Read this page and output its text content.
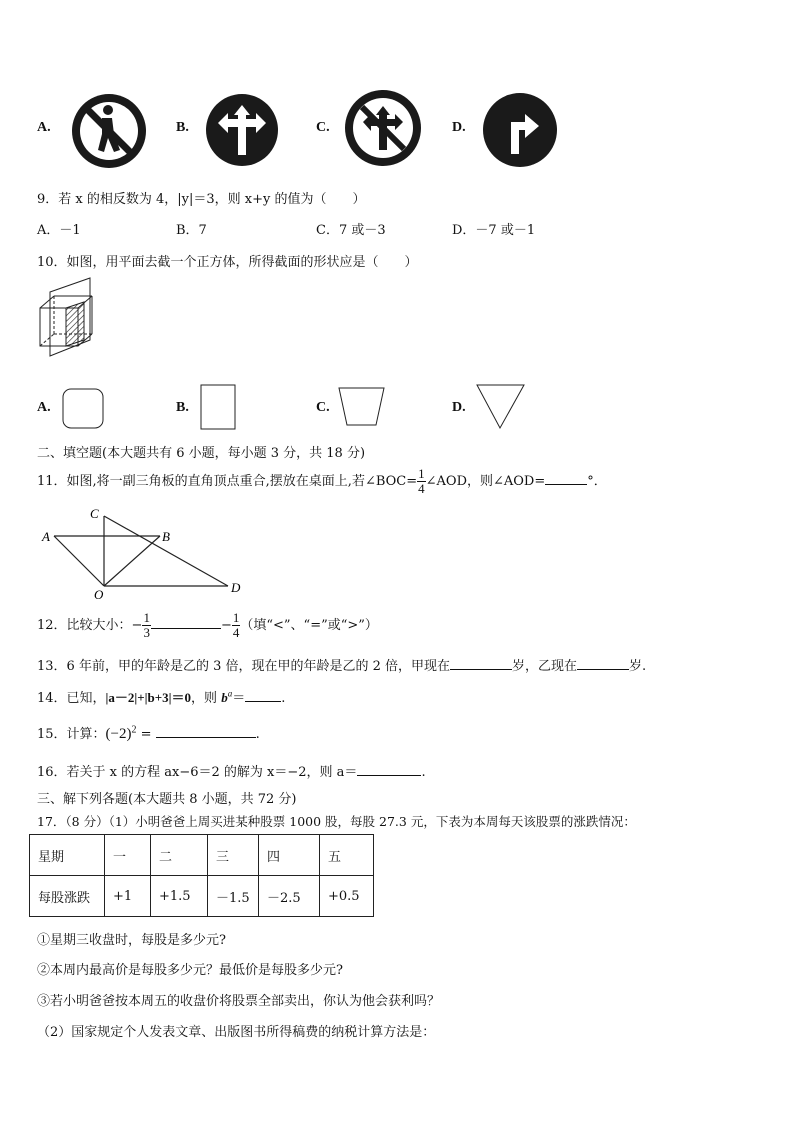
A.	B.	C.	D.
9．若 x 的相反数为 4，|y|＝3，则 x+y 的值为（　　）
A．－1	B．7	C．7 或－3	D．－7 或－1
10．如图，用平面去截一个正方体，所得截面的形状应是（　　）
A.	B.	C.	D.
二、填空题(本大题共有 6 小题，每小题 3 分，共 18 分)
11．如图,将一副三角板的直角顶点重合,摆放在桌面上,若∠BOC= $\frac{1}{4}$ ∠AOD，则∠AOD=	°．
A	B
C
O	D
12．比较大小：− $\frac{1}{3}$	− $\frac{1}{4}$ （填“<”、“=”或“>”）
13．6 年前，甲的年龄是乙的 3 倍，现在甲的年龄是乙的 2 倍，甲现在	岁，乙现在	岁.
14．已知，|a－2|+|b+3|＝0，则 $b^a=$	.
15．计算：$(-2)^2$ =	.
16．若关于 x 的方程 ax−6＝2 的解为 x＝−2，则 a＝	.
三、解下列各题(本大题共 8 小题，共 72 分)
17．（8 分）（1）小明爸爸上周买进某种股票 1000 股，每股 27.3 元，下表为本周每天该股票的涨跌情况：
星期	一	二	三	四	五
每股涨跌	+1	+1.5	－1.5	－2.5	+0.5
①星期三收盘时，每股是多少元?
②本周内最高价是每股多少元？最低价是每股多少元?
③若小明爸爸按本周五的收盘价将股票全部卖出，你认为他会获利吗？
（2）国家规定个人发表文章、出版图书所得稿费的纳税计算方法是：
